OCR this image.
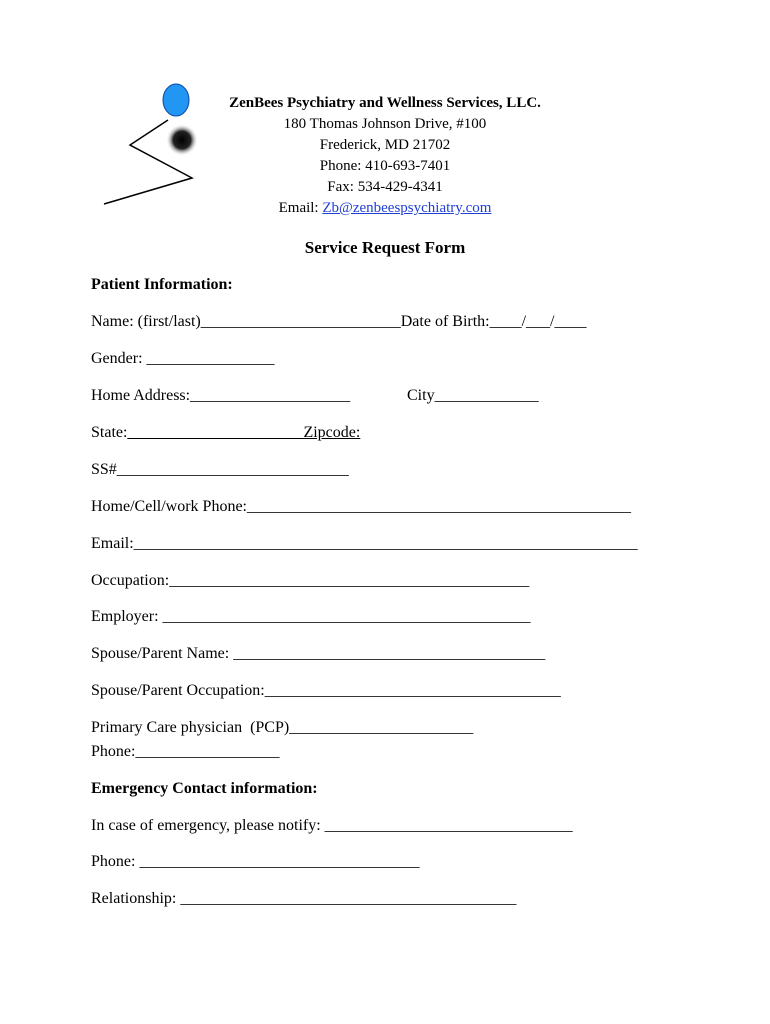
ZenBees Psychiatry and Wellness Services, LLC.
180 Thomas Johnson Drive, #100
Frederick, MD 21702
Phone: 410-693-7401
Fax: 534-429-4341
Email: Zb@zenbeespsychiatry.com
Service Request Form
Patient Information:
Name: (first/last)_________________________Date of Birth:____/___/____
Gender: ________________
Home Address:____________________	City_____________
State:______________________Zipcode:
SS#_____________________________
Home/Cell/work Phone:________________________________________________
Email:_______________________________________________________________
Occupation:_____________________________________________
Employer: ______________________________________________
Spouse/Parent Name: _______________________________________
Spouse/Parent Occupation:_____________________________________
Primary Care physician  (PCP)_______________________
Phone:__________________
Emergency Contact information:
In case of emergency, please notify: _______________________________
Phone: ___________________________________
Relationship: __________________________________________
